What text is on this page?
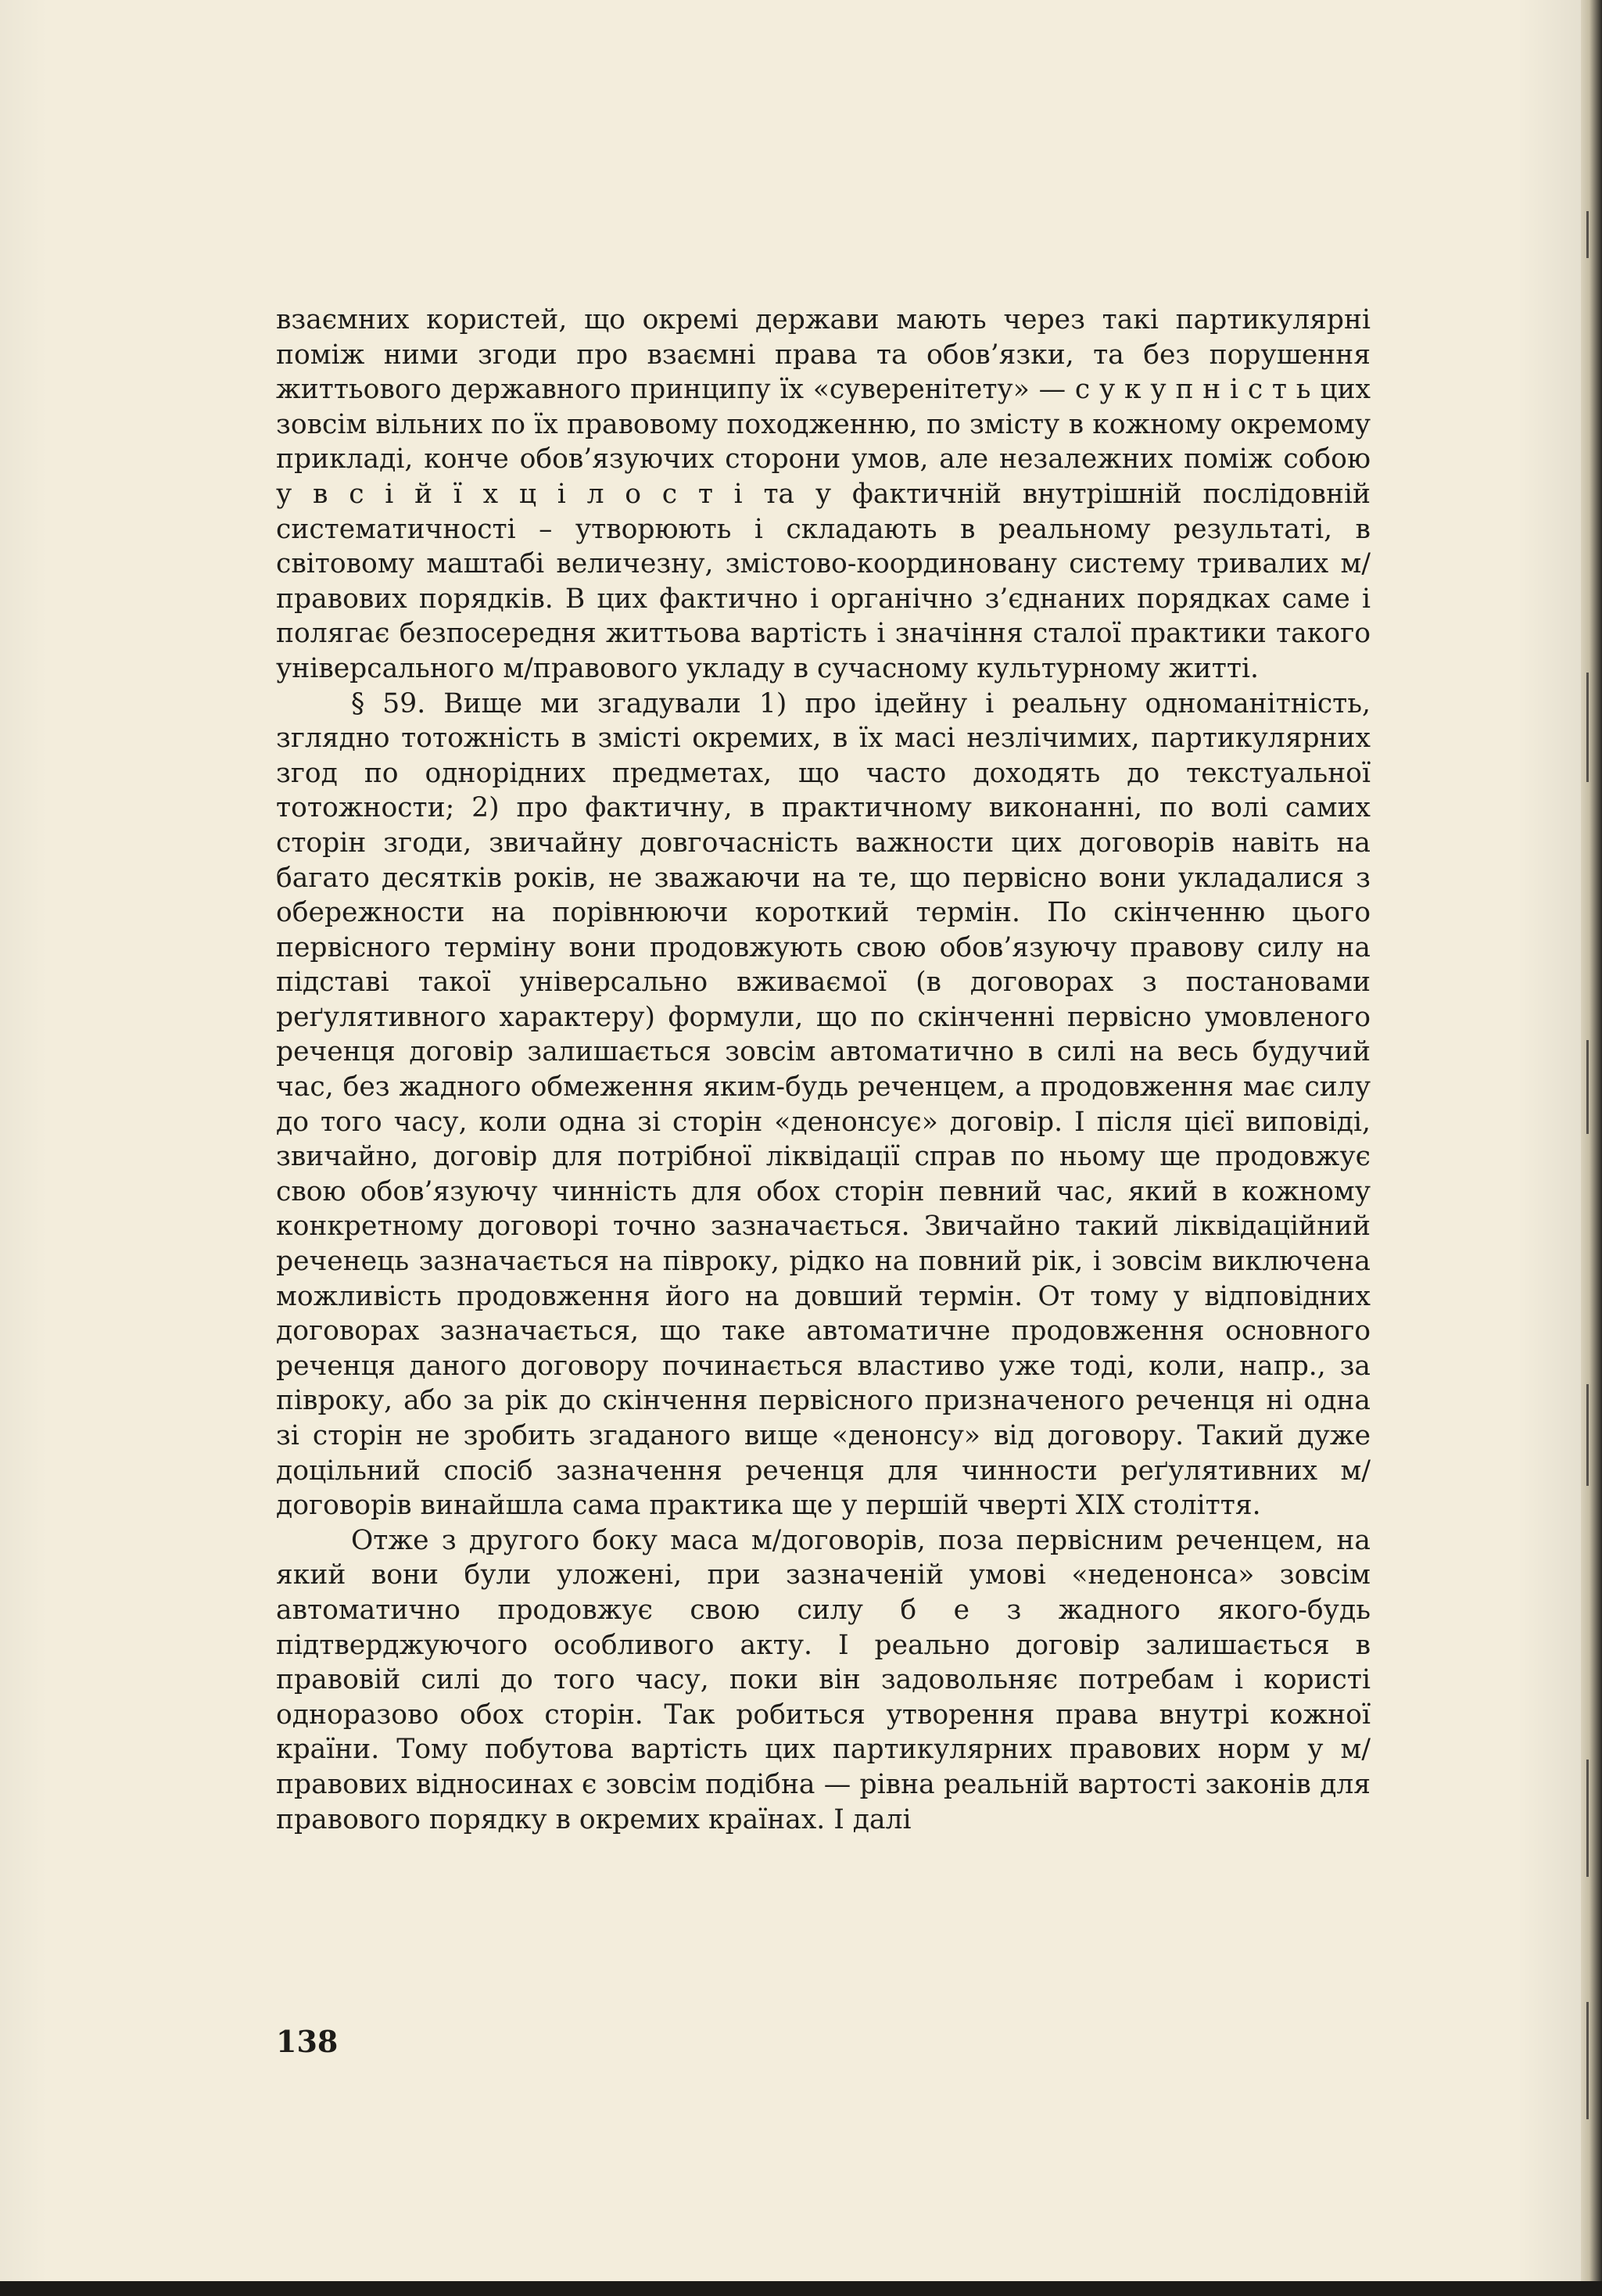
взаємних користей, що окремі держави мають через такі партикулярні поміж ними згоди про взаємні права та обов’язки, та без порушення життьового державного принципу їх «суверенітету» — с у к у п н і с т ь цих зовсім вільних по їх правовому походженню, по змісту в кожному окремому прикладі, конче обов’язуючих сторони умов, але незалежних поміж собою у в с і й ї х ц і л о с т і та у фактичній внутрішній послідовній систематичності – утворюють і складають в реальному результаті, в світовому маштабі величезну, змістово-координовану систему тривалих м/правових порядків. В цих фактично і органічно з’єднаних порядках саме і полягає безпосередня життьова вартість і значіння сталої практики такого універсального м/правового укладу в сучасному культурному житті.

§ 59. Вище ми згадували 1) про ідейну і реальну одноманітність, зглядно тотожність в змісті окремих, в їх масі незлічимих, партикулярних згод по однорідних предметах, що часто доходять до текстуальної тотожности; 2) про фактичну, в практичному виконанні, по волі самих сторін згоди, звичайну довгочасність важности цих договорів навіть на багато десятків років, не зважаючи на те, що первісно вони укладалися з обережности на порівнюючи короткий термін. По скінченню цього первісного терміну вони продовжують свою обов’язуючу правову силу на підставі такої універсально вживаємої (в договорах з постановами реґулятивного характеру) формули, що по скінченні первісно умовленого реченця договір залишається зовсім автоматично в силі на весь будучий час, без жадного обмеження яким-будь реченцем, а продовження має силу до того часу, коли одна зі сторін «денонсує» договір. І після цієї виповіді, звичайно, договір для потрібної ліквідації справ по ньому ще продовжує свою обов’язуючу чинність для обох сторін певний час, який в кожному конкретному договорі точно зазначається. Звичайно такий ліквідаційний реченець зазначається на півроку, рідко на повний рік, і зовсім виключена можливість продовження його на довший термін. От тому у відповідних договорах зазначається, що таке автоматичне продовження основного реченця даного договору починається властиво уже тоді, коли, напр., за півроку, або за рік до скінчення первісного призначеного реченця ні одна зі сторін не зробить згаданого вище «денонсу» від договору. Такий дуже доцільний спосіб зазначення реченця для чинности реґулятивних м/договорів винайшла сама практика ще у першій чверті XIX століття.

Отже з другого боку маса м/договорів, поза первісним реченцем, на який вони були уложені, при зазначеній умові «неденонса» зовсім автоматично продовжує свою силу б е з жадного якого-будь підтверджуючого особливого акту. І реально договір залишається в правовій силі до того часу, поки він задовольняє потребам і користі одноразово обох сторін. Так робиться утворення права внутрі кожної країни. Тому побутова вартість цих партикулярних правових норм у м/правових відносинах є зовсім подібна — рівна реальній вартості законів для правового порядку в окремих країнах. І далі

138
